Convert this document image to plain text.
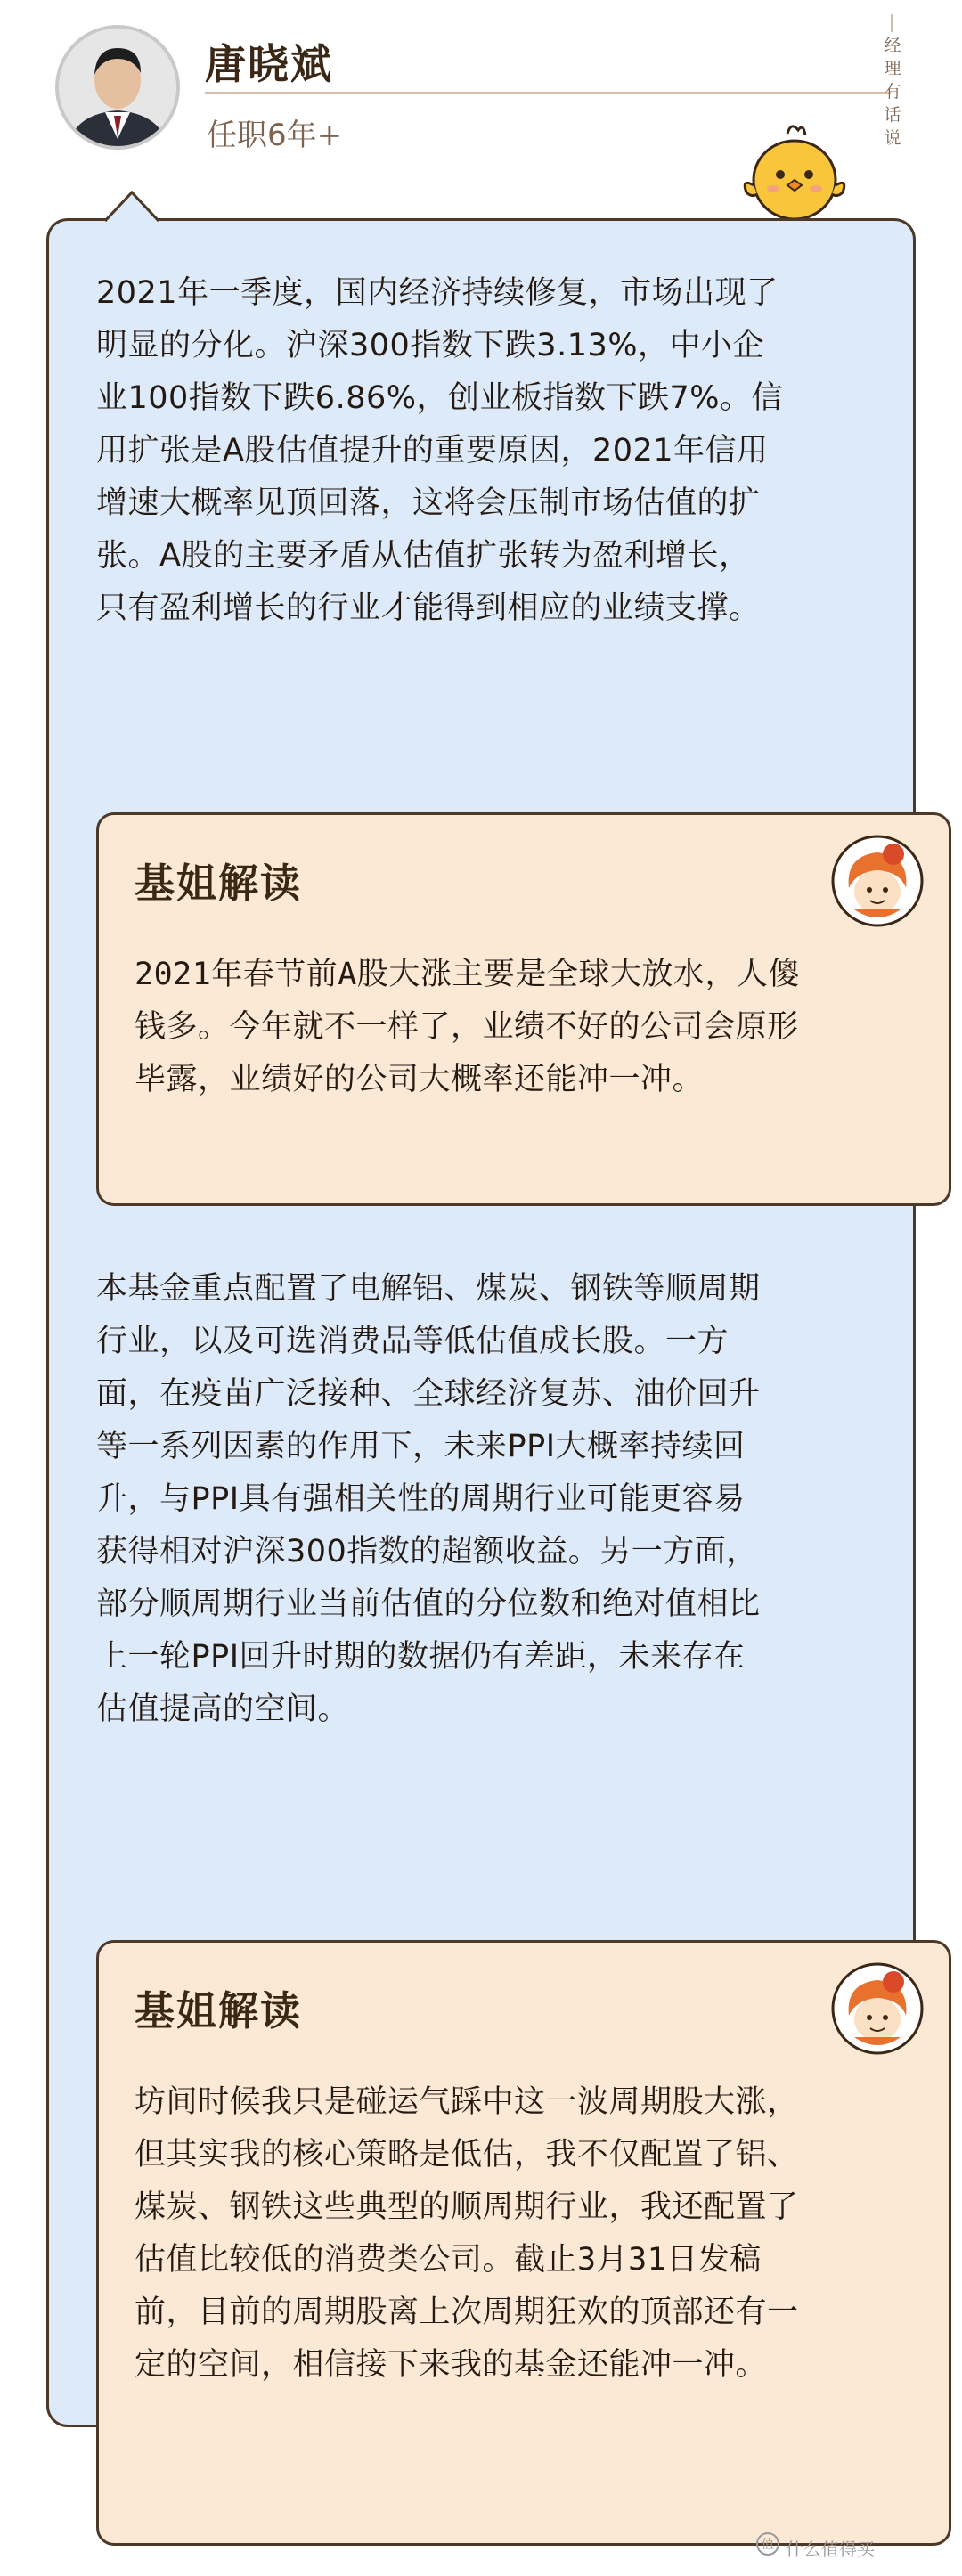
唐晓斌
任职6年+
经理有话说
2021年一季度，国内经济持续修复，市场出现了
明显的分化。沪深300指数下跌3.13%，中小企
业100指数下跌6.86%，创业板指数下跌7%。信
用扩张是A股估值提升的重要原因，2021年信用
增速大概率见顶回落，这将会压制市场估值的扩
张。A股的主要矛盾从估值扩张转为盈利增长，
只有盈利增长的行业才能得到相应的业绩支撑。
基姐解读
2021年春节前A股大涨主要是全球大放水，人傻
钱多。今年就不一样了，业绩不好的公司会原形
毕露，业绩好的公司大概率还能冲一冲。
本基金重点配置了电解铝、煤炭、钢铁等顺周期
行业，以及可选消费品等低估值成长股。一方
面，在疫苗广泛接种、全球经济复苏、油价回升
等一系列因素的作用下，未来PPI大概率持续回
升，与PPI具有强相关性的周期行业可能更容易
获得相对沪深300指数的超额收益。另一方面，
部分顺周期行业当前估值的分位数和绝对值相比
上一轮PPI回升时期的数据仍有差距，未来存在
估值提高的空间。
基姐解读
坊间时候我只是碰运气踩中这一波周期股大涨，
但其实我的核心策略是低估，我不仅配置了铝、
煤炭、钢铁这些典型的顺周期行业，我还配置了
估值比较低的消费类公司。截止3月31日发稿
前，目前的周期股离上次周期狂欢的顶部还有一
定的空间，相信接下来我的基金还能冲一冲。
值 什么值得买
